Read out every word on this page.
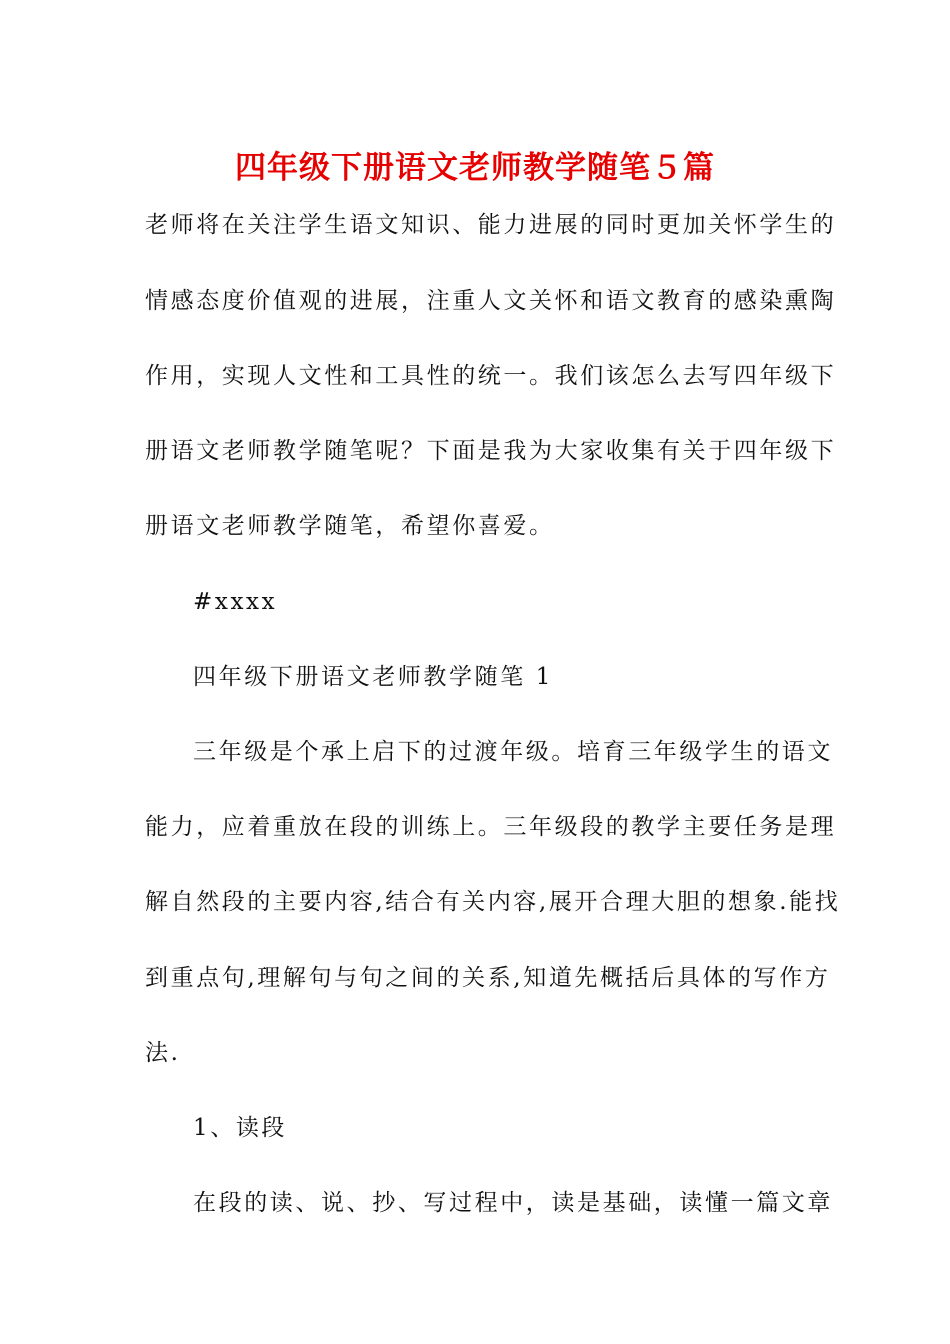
四年级下册语文老师教学随笔５篇
老师将在关注学生语文知识、能力进展的同时更加关怀学生的
情感态度价值观的进展，注重人文关怀和语文教育的感染熏陶
作用，实现人文性和工具性的统一。我们该怎么去写四年级下
册语文老师教学随笔呢？下面是我为大家收集有关于四年级下
册语文老师教学随笔，希望你喜爱。
#xxxx
四年级下册语文老师教学随笔 1
三年级是个承上启下的过渡年级。培育三年级学生的语文
能力，应着重放在段的训练上。三年级段的教学主要任务是理
解自然段的主要内容,结合有关内容,展开合理大胆的想象.能找
到重点句,理解句与句之间的关系,知道先概括后具体的写作方
法.
1、读段
在段的读、说、抄、写过程中，读是基础，读懂一篇文章
